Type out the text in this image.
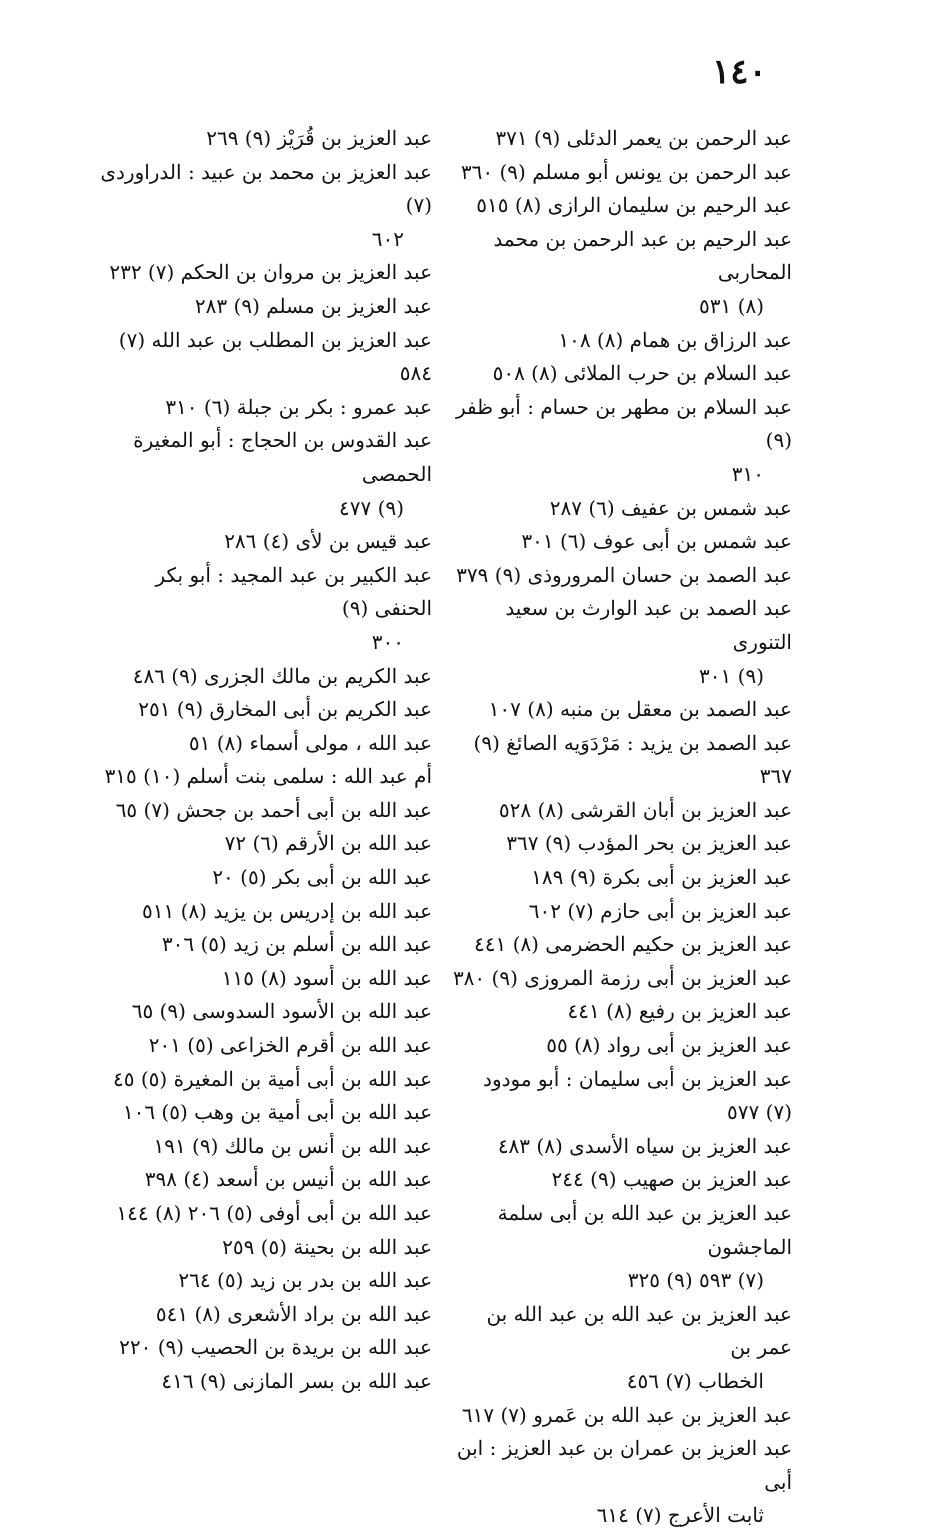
١٤٠
عبد الرحمن بن يعمر الدئلى (٩) ٣٧١
عبد الرحمن بن يونس أبو مسلم (٩) ٣٦٠
عبد الرحيم بن سليمان الرازى (٨) ٥١٥
عبد الرحيم بن عبد الرحمن بن محمد المحاربى
(٨) ٥٣١
عبد الرزاق بن همام (٨) ١٠٨
عبد السلام بن حرب الملائى (٨) ٥٠٨
عبد السلام بن مطهر بن حسام : أبو ظفر (٩)
٣١٠
عبد شمس بن عفيف (٦) ٢٨٧
عبد شمس بن أبى عوف (٦) ٣٠١
عبد الصمد بن حسان المروروذى (٩) ٣٧٩
عبد الصمد بن عبد الوارث بن سعيد التنورى
(٩) ٣٠١
عبد الصمد بن معقل بن منبه (٨) ١٠٧
عبد الصمد بن يزيد : مَرْدَوَيه الصائغ (٩) ٣٦٧
عبد العزيز بن أبان القرشى (٨) ٥٢٨
عبد العزيز بن بحر المؤدب (٩) ٣٦٧
عبد العزيز بن أبى بكرة (٩) ١٨٩
عبد العزيز بن أبى حازم (٧) ٦٠٢
عبد العزيز بن حكيم الحضرمى (٨) ٤٤١
عبد العزيز بن أبى رزمة المروزى (٩) ٣٨٠
عبد العزيز بن رفيع (٨) ٤٤١
عبد العزيز بن أبى رواد (٨) ٥٥
عبد العزيز بن أبى سليمان : أبو مودود (٧) ٥٧٧
عبد العزيز بن سياه الأسدى (٨) ٤٨٣
عبد العزيز بن صهيب (٩) ٢٤٤
عبد العزيز بن عبد الله بن أبى سلمة الماجشون
(٧) ٥٩٣ (٩) ٣٢٥
عبد العزيز بن عبد الله بن عبد الله بن عمر بن
الخطاب (٧) ٤٥٦
عبد العزيز بن عبد الله بن عَمرو (٧) ٦١٧
عبد العزيز بن عمران بن عبد العزيز : ابن أبى
ثابت الأعرج (٧) ٦١٤
عبد العزيز بن قُرَيْز (٩) ٢٦٩
عبد العزيز بن محمد بن عبيد : الدراوردى (٧)
٦٠٢
عبد العزيز بن مروان بن الحكم (٧) ٢٣٢
عبد العزيز بن مسلم (٩) ٢٨٣
عبد العزيز بن المطلب بن عبد الله (٧) ٥٨٤
عبد عمرو : بكر بن جبلة (٦) ٣١٠
عبد القدوس بن الحجاج : أبو المغيرة الحمصى
(٩) ٤٧٧
عبد قيس بن لأى (٤) ٢٨٦
عبد الكبير بن عبد المجيد : أبو بكر الحنفى (٩)
٣٠٠
عبد الكريم بن مالك الجزرى (٩) ٤٨٦
عبد الكريم بن أبى المخارق (٩) ٢٥١
عبد الله ، مولى أسماء (٨) ٥١
أم عبد الله : سلمى بنت أسلم (١٠) ٣١٥
عبد الله بن أبى أحمد بن جحش (٧) ٦٥
عبد الله بن الأرقم (٦) ٧٢
عبد الله بن أبى بكر (٥) ٢٠
عبد الله بن إدريس بن يزيد (٨) ٥١١
عبد الله بن أسلم بن زيد (٥) ٣٠٦
عبد الله بن أسود (٨) ١١٥
عبد الله بن الأسود السدوسى (٩) ٦٥
عبد الله بن أقرم الخزاعى (٥) ٢٠١
عبد الله بن أبى أمية بن المغيرة (٥) ٤٥
عبد الله بن أبى أمية بن وهب (٥) ١٠٦
عبد الله بن أنس بن مالك (٩) ١٩١
عبد الله بن أنيس بن أسعد (٤) ٣٩٨
عبد الله بن أبى أوفى (٥) ٢٠٦ (٨) ١٤٤
عبد الله بن بحينة (٥) ٢٥٩
عبد الله بن بدر بن زيد (٥) ٢٦٤
عبد الله بن براد الأشعرى (٨) ٥٤١
عبد الله بن بريدة بن الحصيب (٩) ٢٢٠
عبد الله بن بسر المازنى (٩) ٤١٦
